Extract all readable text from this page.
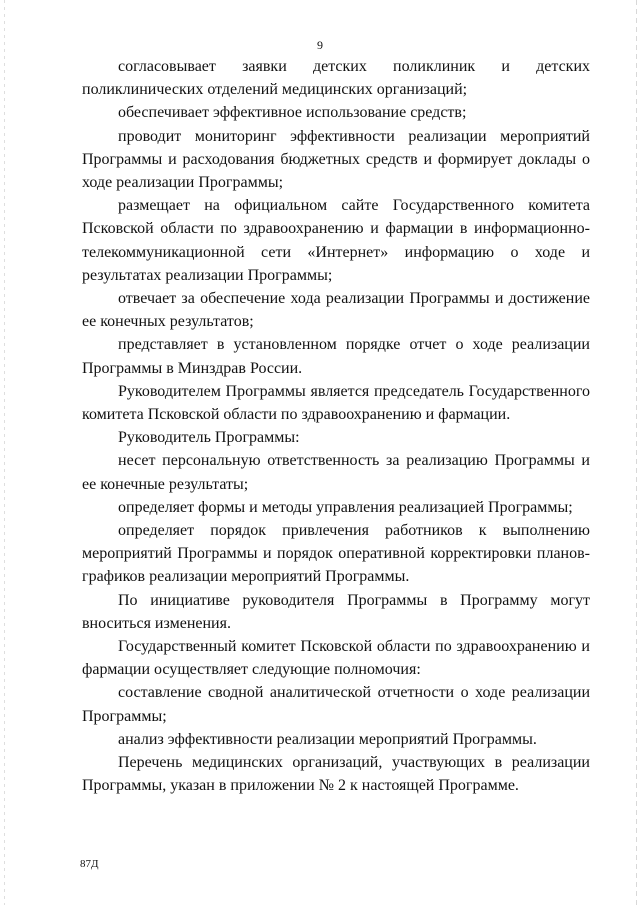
9

согласовывает заявки детских поликлиник и детских поликлинических отделений медицинских организаций;

обеспечивает эффективное использование средств;

проводит мониторинг эффективности реализации мероприятий Программы и расходования бюджетных средств и формирует доклады о ходе реализации Программы;

размещает на официальном сайте Государственного комитета Псковской области по здравоохранению и фармации в информационно-телекоммуникационной сети «Интернет» информацию о ходе и результатах реализации Программы;

отвечает за обеспечение хода реализации Программы и достижение ее конечных результатов;

представляет в установленном порядке отчет о ходе реализации Программы в Минздрав России.

Руководителем Программы является председатель Государственного комитета Псковской области по здравоохранению и фармации.

Руководитель Программы:

несет персональную ответственность за реализацию Программы и ее конечные результаты;

определяет формы и методы управления реализацией Программы;

определяет порядок привлечения работников к выполнению мероприятий Программы и порядок оперативной корректировки планов-графиков реализации мероприятий Программы.

По инициативе руководителя Программы в Программу могут вноситься изменения.

Государственный комитет Псковской области по здравоохранению и фармации осуществляет следующие полномочия:

составление сводной аналитической отчетности о ходе реализации Программы;

анализ эффективности реализации мероприятий Программы.

Перечень медицинских организаций, участвующих в реализации Программы, указан в приложении № 2 к настоящей Программе.

87Д
